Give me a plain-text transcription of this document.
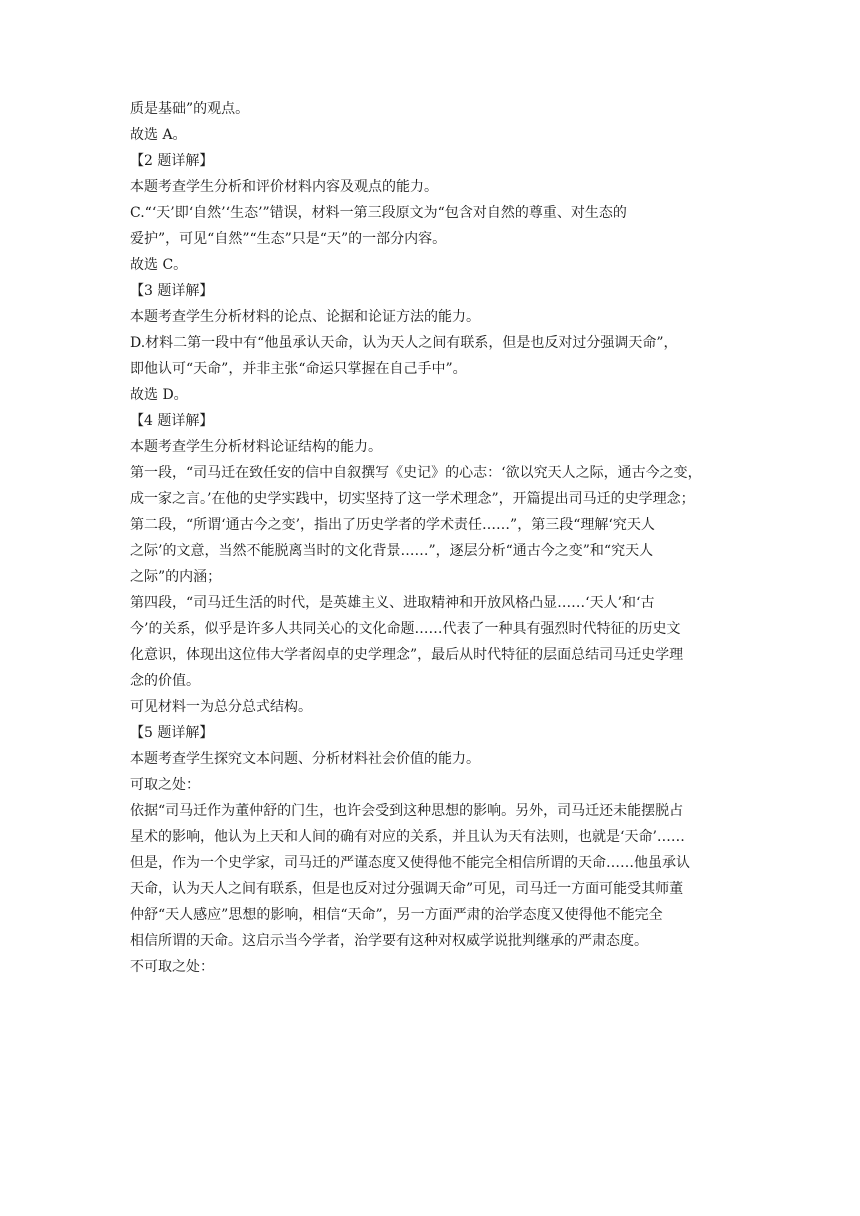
质是基础”的观点。
故选 A。
【2 题详解】
本题考查学生分析和评价材料内容及观点的能力。
C.“‘天’即‘自然’‘生态’”错误，材料一第三段原文为“包含对自然的尊重、对生态的
爱护”，可见“自然”“生态”只是“天”的一部分内容。
故选 C。
【3 题详解】
本题考查学生分析材料的论点、论据和论证方法的能力。
D.材料二第一段中有“他虽承认天命，认为天人之间有联系，但是也反对过分强调天命”，
即他认可“天命”，并非主张“命运只掌握在自己手中”。
故选 D。
【4 题详解】
本题考查学生分析材料论证结构的能力。
第一段，“司马迁在致任安的信中自叙撰写《史记》的心志：‘欲以究天人之际，通古今之变，
成一家之言。’在他的史学实践中，切实坚持了这一学术理念”，开篇提出司马迁的史学理念；
第二段，“所谓‘通古今之变’，指出了历史学者的学术责任……”，第三段“理解‘究天人
之际’的文意，当然不能脱离当时的文化背景……”，逐层分析“通古今之变”和“究天人
之际”的内涵；
第四段，“司马迁生活的时代，是英雄主义、进取精神和开放风格凸显……‘天人’和‘古
今’的关系，似乎是许多人共同关心的文化命题……代表了一种具有强烈时代特征的历史文
化意识，体现出这位伟大学者闳卓的史学理念”，最后从时代特征的层面总结司马迁史学理
念的价值。
可见材料一为总分总式结构。
【5 题详解】
本题考查学生探究文本问题、分析材料社会价值的能力。
可取之处：
依据“司马迁作为董仲舒的门生，也许会受到这种思想的影响。另外，司马迁还未能摆脱占
星术的影响，他认为上天和人间的确有对应的关系，并且认为天有法则，也就是‘天命’……
但是，作为一个史学家，司马迁的严谨态度又使得他不能完全相信所谓的天命……他虽承认
天命，认为天人之间有联系，但是也反对过分强调天命”可见，司马迁一方面可能受其师董
仲舒“天人感应”思想的影响，相信“天命”，另一方面严肃的治学态度又使得他不能完全
相信所谓的天命。这启示当今学者，治学要有这种对权威学说批判继承的严肃态度。
不可取之处：
